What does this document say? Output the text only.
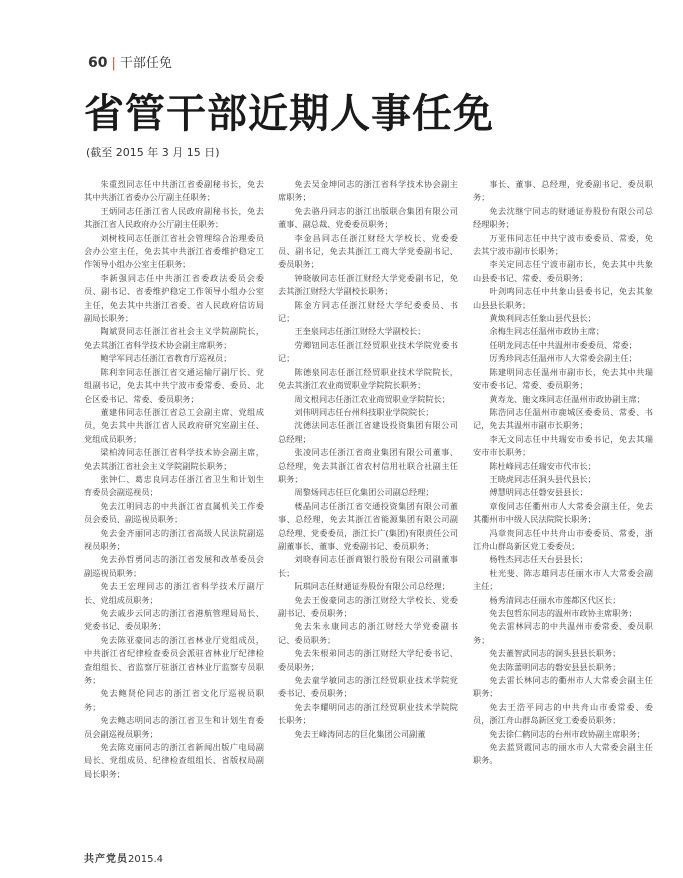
60 | 干部任免
省管干部近期人事任免
(截至 2015 年 3 月 15 日)

朱重烈同志任中共浙江省委副秘书长，免去其中共浙江省委办公厅副主任职务；

王炳同志任浙江省人民政府副秘书长，免去其浙江省人民政府办公厅副主任职务；

刘树枝同志任浙江省社会管理综合治理委员会办公室主任，免去其中共浙江省委维护稳定工作领导小组办公室主任职务；

李新强同志任中共浙江省委政法委员会委员、副书记、省委维护稳定工作领导小组办公室主任，免去其中共浙江省委、省人民政府信访局副局长职务；

陶斌贤同志任浙江省社会主义学院副院长，免去其浙江省科学技术协会副主席职务；

鲍学军同志任浙江省教育厅巡视员；

陈利幸同志任浙江省交通运输厅副厅长、党组副书记，免去其中共宁波市委常委、委员、北仑区委书记、常委、委员职务；

董建伟同志任浙江省总工会副主席、党组成员，免去其中共浙江省人民政府研究室副主任、党组成员职务；

梁柏涛同志任浙江省科学技术协会副主席，免去其浙江省社会主义学院副院长职务；

张钟仁、葛忠良同志任浙江省卫生和计划生育委员会副巡视员；

免去江明同志的中共浙江省直属机关工作委员会委员、副巡视员职务；

免去金齐丽同志的浙江省高级人民法院副巡视员职务；

免去孙哲勇同志的浙江省发展和改革委员会副巡视员职务；

免去王宏理同志的浙江省科学技术厅副厅长、党组成员职务；

免去戚步云同志的浙江省港航管理局局长、党委书记、委员职务；

免去陈亚豪同志的浙江省林业厅党组成员，中共浙江省纪律检查委员会派驻省林业厅纪律检查组组长、省监察厅驻浙江省林业厅监察专员职务；

免去鲍贤伦同志的浙江省文化厅巡视员职务；

免去鲍志明同志的浙江省卫生和计划生育委员会副巡视员职务；

免去陈克丽同志的浙江省新闻出版广电局副局长、党组成员、纪律检查组组长、省版权局副局长职务；

免去吴金坤同志的浙江省科学技术协会副主席职务；

免去骆丹同志的浙江出版联合集团有限公司董事、副总裁、党委委员职务；

李金昌同志任浙江财经大学校长、党委委员、副书记，免去其浙江工商大学党委副书记、委员职务；

钟晓敏同志任浙江财经大学党委副书记，免去其浙江财经大学副校长职务；

陈金方同志任浙江财经大学纪委委员、书记；

王奎泉同志任浙江财经大学副校长；

劳卿钮同志任浙江经贸职业技术学院党委书记；

陈德泉同志任浙江经贸职业技术学院院长，免去其浙江农业商贸职业学院院长职务；

周文根同志任浙江农业商贸职业学院院长；

刘伟明同志任台州科技职业学院院长；

沈德法同志任浙江省建设投资集团有限公司总经理；

张凌同志任浙江省商业集团有限公司董事、总经理，免去其浙江省农村信用社联合社副主任职务；

周黎炀同志任巨化集团公司副总经理；

楼晶同志任浙江省交通投资集团有限公司董事、总经理，免去其浙江省能源集团有限公司副总经理、党委委员，浙江长广(集团)有限责任公司副董事长、董事、党委副书记、委员职务；

刘晓春同志任浙商银行股份有限公司副董事长；

阮琪同志任财通证券股份有限公司总经理；

免去王俊豪同志的浙江财经大学校长、党委副书记、委员职务；

免去朱永康同志的浙江财经大学党委副书记、委员职务；

免去朱根弟同志的浙江财经大学纪委书记、委员职务；

免去童学敏同志的浙江经贸职业技术学院党委书记、委员职务；

免去李耀明同志的浙江经贸职业技术学院院长职务；

免去王峰涛同志的巨化集团公司副董

事长、董事、总经理，党委副书记、委员职务；

免去沈继宁同志的财通证券股份有限公司总经理职务；

万亚伟同志任中共宁波市委委员、常委，免去其宁波市副市长职务；

李关定同志任宁波市副市长，免去其中共象山县委书记、常委、委员职务；

叶剑鸣同志任中共象山县委书记，免去其象山县县长职务；

黄焕利同志任象山县代县长；

余梅生同志任温州市政协主席；

任明龙同志任中共温州市委委员、常委；

厉秀珍同志任温州市人大常委会副主任；

陈建明同志任温州市副市长，免去其中共瑞安市委书记、常委、委员职务；

黄寿龙、施文珠同志任温州市政协副主席；

陈浩同志任温州市鹿城区委委员、常委、书记，免去其温州市副市长职务；

李无文同志任中共瑞安市委书记，免去其瑞安市市长职务；

陈杜峰同志任瑞安市代市长；

王晓虎同志任洞头县代县长；

傅慧明同志任磐安县县长；

章俊同志任衢州市人大常委会副主任，免去其衢州市中级人民法院院长职务；

冯章贵同志任中共舟山市委委员、常委，浙江舟山群岛新区党工委委员；

杨牲杰同志任天台县县长；

杜光斐、陈志雄同志任丽水市人大常委会副主任；

杨秀清同志任丽水市莲都区代区长；

免去包哲东同志的温州市政协主席职务；

免去雷林同志的中共温州市委常委、委员职务；

免去董智武同志的洞头县县长职务；

免去陈蕾明同志的磐安县县长职务；

免去雷长林同志的衢州市人大常委会副主任职务；

免去王浩平同志的中共舟山市委常委、委员，浙江舟山群岛新区党工委委员职务；

免去徐仁鹤同志的台州市政协副主席职务；

免去蓝贤霞同志的丽水市人大常委会副主任职务。

共产党员2015.4
